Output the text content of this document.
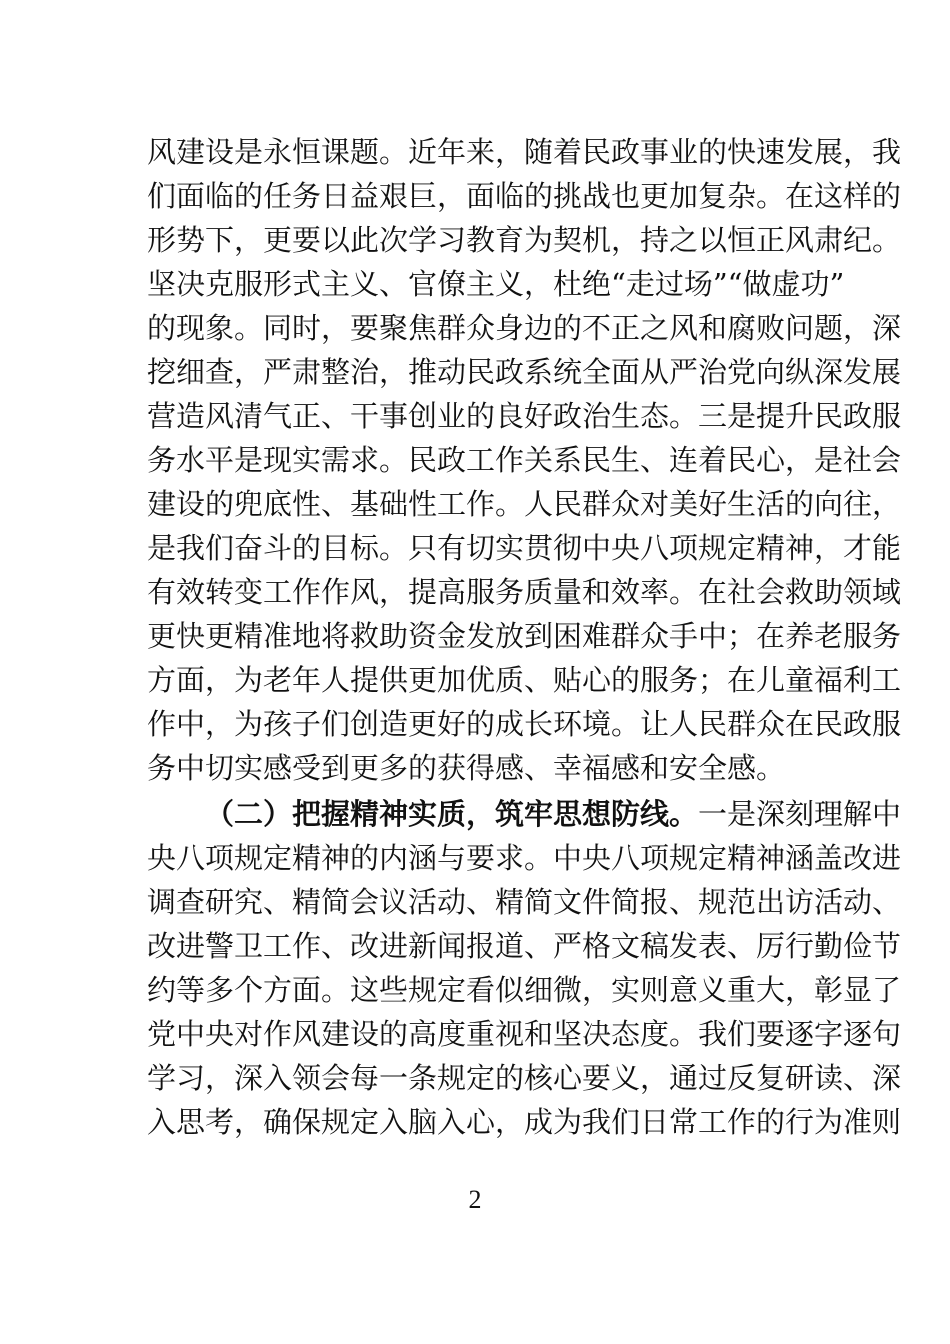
风建设是永恒课题。近年来，随着民政事业的快速发展，我
们面临的任务日益艰巨，面临的挑战也更加复杂。在这样的
形势下，更要以此次学习教育为契机，持之以恒正风肃纪。
坚决克服形式主义、官僚主义，杜绝“走过场”“做虚功”
的现象。同时，要聚焦群众身边的不正之风和腐败问题，深
挖细查，严肃整治，推动民政系统全面从严治党向纵深发展
营造风清气正、干事创业的良好政治生态。三是提升民政服
务水平是现实需求。民政工作关系民生、连着民心，是社会
建设的兜底性、基础性工作。人民群众对美好生活的向往，
是我们奋斗的目标。只有切实贯彻中央八项规定精神，才能
有效转变工作作风，提高服务质量和效率。在社会救助领域
更快更精准地将救助资金发放到困难群众手中；在养老服务
方面，为老年人提供更加优质、贴心的服务；在儿童福利工
作中，为孩子们创造更好的成长环境。让人民群众在民政服
务中切实感受到更多的获得感、幸福感和安全感。
（二）把握精神实质，筑牢思想防线。一是深刻理解中
央八项规定精神的内涵与要求。中央八项规定精神涵盖改进
调查研究、精简会议活动、精简文件简报、规范出访活动、
改进警卫工作、改进新闻报道、严格文稿发表、厉行勤俭节
约等多个方面。这些规定看似细微，实则意义重大，彰显了
党中央对作风建设的高度重视和坚决态度。我们要逐字逐句
学习，深入领会每一条规定的核心要义，通过反复研读、深
入思考，确保规定入脑入心，成为我们日常工作的行为准则
2
